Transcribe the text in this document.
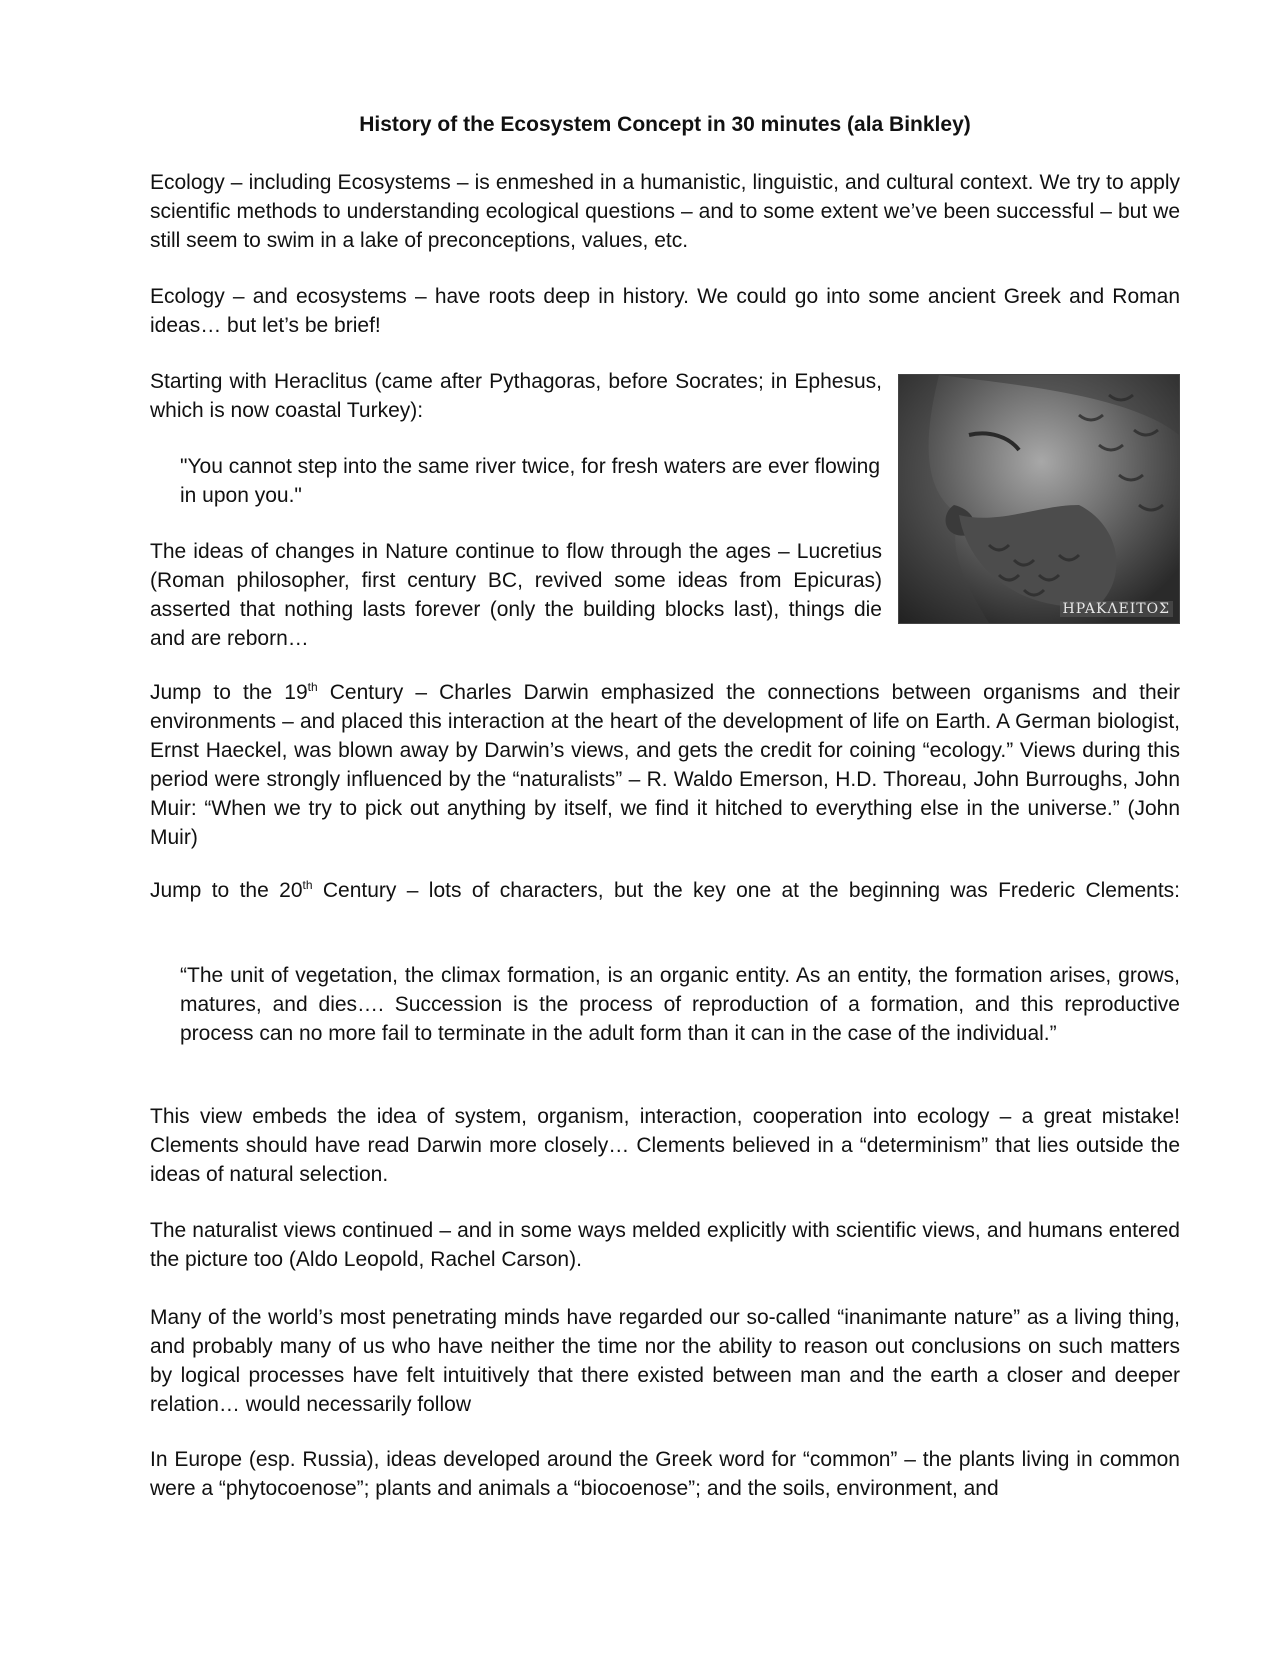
History of the Ecosystem Concept in 30 minutes (ala Binkley)

Ecology – including Ecosystems – is enmeshed in a humanistic, linguistic, and cultural context. We try to apply scientific methods to understanding ecological questions – and to some extent we’ve been successful – but we still seem to swim in a lake of preconceptions, values, etc.

Ecology – and ecosystems – have roots deep in history. We could go into some ancient Greek and Roman ideas… but let’s be brief!

Starting with Heraclitus (came after Pythagoras, before Socrates; in Ephesus, which is now coastal Turkey):

"You cannot step into the same river twice, for fresh waters are ever flowing in upon you."

The ideas of changes in Nature continue to flow through the ages – Lucretius (Roman philosopher, first century BC, revived some ideas from Epicuras) asserted that nothing lasts forever (only the building blocks last), things die and are reborn…

Jump to the 19th Century – Charles Darwin emphasized the connections between organisms and their environments – and placed this interaction at the heart of the development of life on Earth. A German biologist, Ernst Haeckel, was blown away by Darwin’s views, and gets the credit for coining “ecology.” Views during this period were strongly influenced by the “naturalists” – R. Waldo Emerson, H.D. Thoreau, John Burroughs, John Muir: “When we try to pick out anything by itself, we find it hitched to everything else in the universe.” (John Muir)

Jump to the 20th Century – lots of characters, but the key one at the beginning was Frederic Clements:

“The unit of vegetation, the climax formation, is an organic entity. As an entity, the formation arises, grows, matures, and dies…. Succession is the process of reproduction of a formation, and this reproductive process can no more fail to terminate in the adult form than it can in the case of the individual.”

This view embeds the idea of system, organism, interaction, cooperation into ecology – a great mistake! Clements should have read Darwin more closely… Clements believed in a “determinism” that lies outside the ideas of natural selection.

The naturalist views continued – and in some ways melded explicitly with scientific views, and humans entered the picture too (Aldo Leopold, Rachel Carson).

Many of the world’s most penetrating minds have regarded our so-called “inanimante nature” as a living thing, and probably many of us who have neither the time nor the ability to reason out conclusions on such matters by logical processes have felt intuitively that there existed between man and the earth a closer and deeper relation… would necessarily follow

In Europe (esp. Russia), ideas developed around the Greek word for “common” – the plants living in common were a “phytocoenose”; plants and animals a “biocoenose”; and the soils, environment, and

HPAKΛEITOΣ
